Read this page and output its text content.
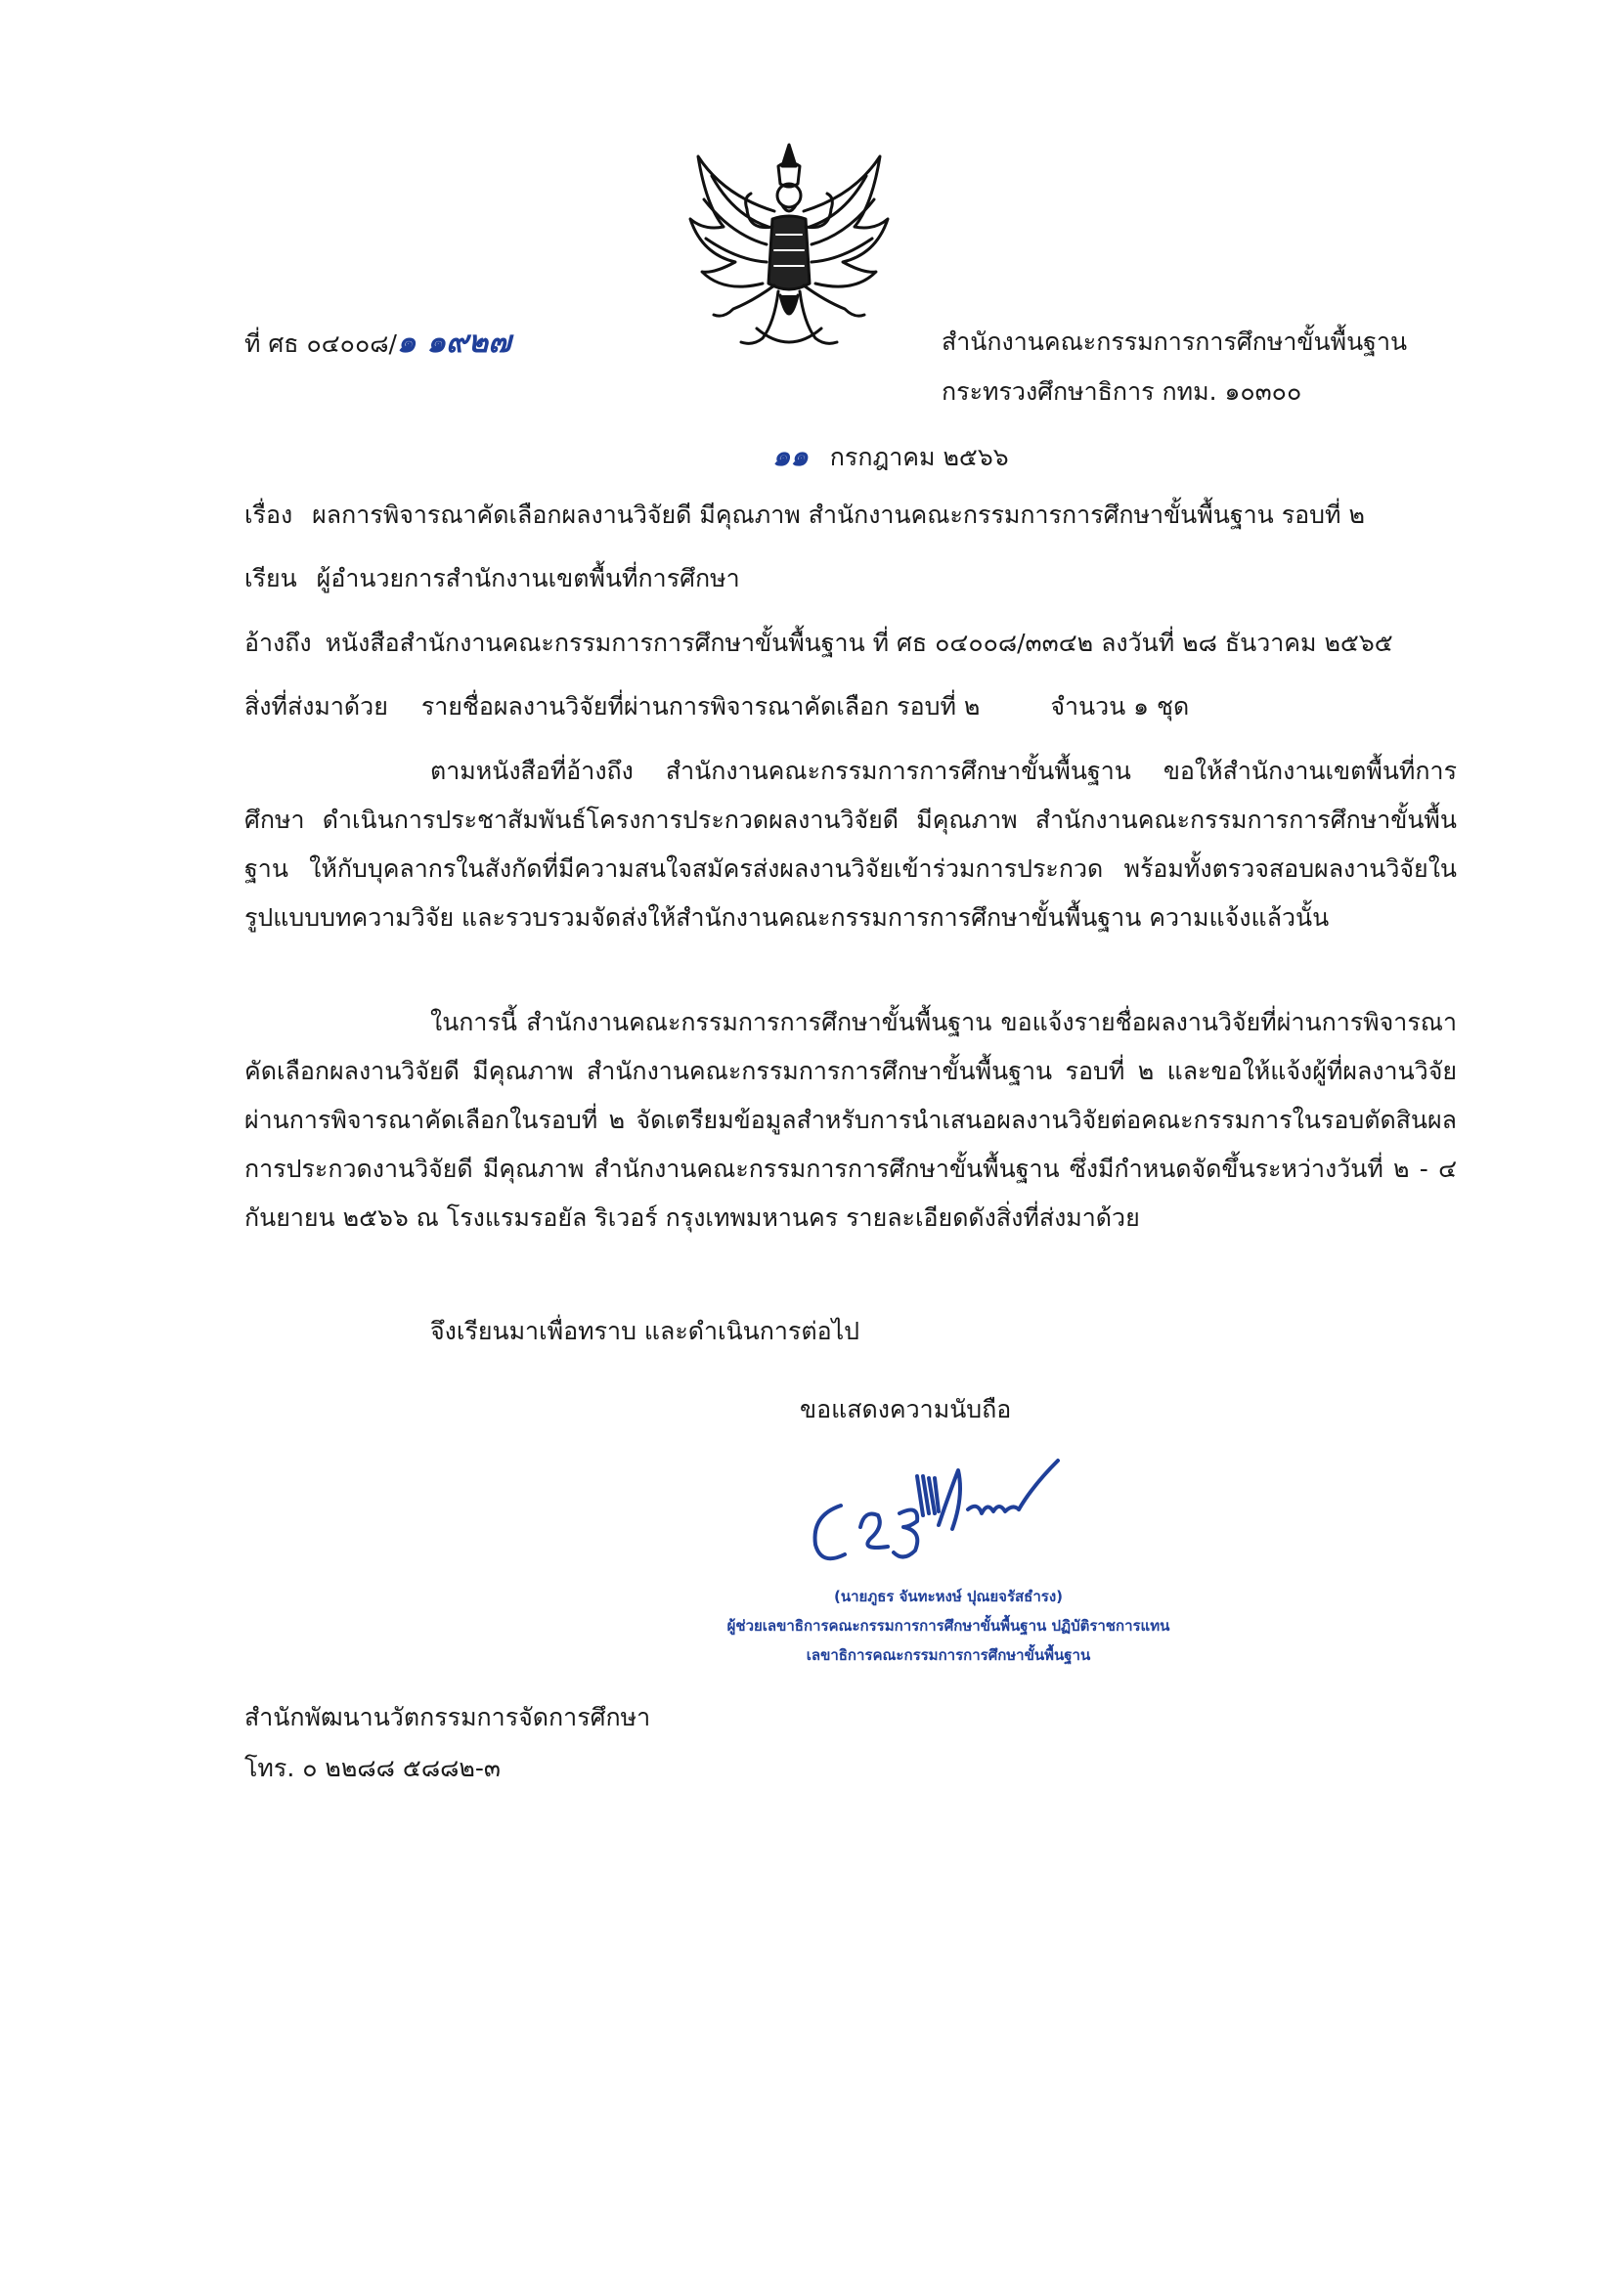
ที่ ศธ ๐๔๐๐๘/๑ ๑๙๒๗	สำนักงานคณะกรรมการการศึกษาขั้นพื้นฐาน
กระทรวงศึกษาธิการ กทม. ๑๐๓๐๐
๑๑ กรกฎาคม ๒๕๖๖
เรื่อง ผลการพิจารณาคัดเลือกผลงานวิจัยดี มีคุณภาพ สำนักงานคณะกรรมการการศึกษาขั้นพื้นฐาน รอบที่ ๒
เรียน ผู้อำนวยการสำนักงานเขตพื้นที่การศึกษา
อ้างถึง หนังสือสำนักงานคณะกรรมการการศึกษาขั้นพื้นฐาน ที่ ศธ ๐๔๐๐๘/๓๓๔๒ ลงวันที่ ๒๘ ธันวาคม ๒๕๖๕
สิ่งที่ส่งมาด้วย รายชื่อผลงานวิจัยที่ผ่านการพิจารณาคัดเลือก รอบที่ ๒	จำนวน ๑ ชุด
ตามหนังสือที่อ้างถึง สำนักงานคณะกรรมการการศึกษาขั้นพื้นฐาน ขอให้สำนักงานเขตพื้นที่การศึกษา ดำเนินการประชาสัมพันธ์โครงการประกวดผลงานวิจัยดี มีคุณภาพ สำนักงานคณะกรรมการการศึกษาขั้นพื้นฐาน ให้กับบุคลากรในสังกัดที่มีความสนใจสมัครส่งผลงานวิจัยเข้าร่วมการประกวด พร้อมทั้งตรวจสอบผลงานวิจัยในรูปแบบบทความวิจัย และรวบรวมจัดส่งให้สำนักงานคณะกรรมการการศึกษาขั้นพื้นฐาน ความแจ้งแล้วนั้น
ในการนี้ สำนักงานคณะกรรมการการศึกษาขั้นพื้นฐาน ขอแจ้งรายชื่อผลงานวิจัยที่ผ่านการพิจารณาคัดเลือกผลงานวิจัยดี มีคุณภาพ สำนักงานคณะกรรมการการศึกษาขั้นพื้นฐาน รอบที่ ๒ และขอให้แจ้งผู้ที่ผลงานวิจัยผ่านการพิจารณาคัดเลือกในรอบที่ ๒ จัดเตรียมข้อมูลสำหรับการนำเสนอผลงานวิจัยต่อคณะกรรมการในรอบตัดสินผลการประกวดงานวิจัยดี มีคุณภาพ สำนักงานคณะกรรมการการศึกษาขั้นพื้นฐาน ซึ่งมีกำหนดจัดขึ้นระหว่างวันที่ ๒ - ๔ กันยายน ๒๕๖๖ ณ โรงแรมรอยัล ริเวอร์ กรุงเทพมหานคร รายละเอียดดังสิ่งที่ส่งมาด้วย
จึงเรียนมาเพื่อทราบ และดำเนินการต่อไป
ขอแสดงความนับถือ
(นายภูธร จันทะหงษ์ ปุณยจรัสธำรง)
ผู้ช่วยเลขาธิการคณะกรรมการการศึกษาขั้นพื้นฐาน ปฏิบัติราชการแทน
เลขาธิการคณะกรรมการการศึกษาขั้นพื้นฐาน
สำนักพัฒนานวัตกรรมการจัดการศึกษา
โทร. ๐ ๒๒๘๘ ๕๘๘๒-๓
